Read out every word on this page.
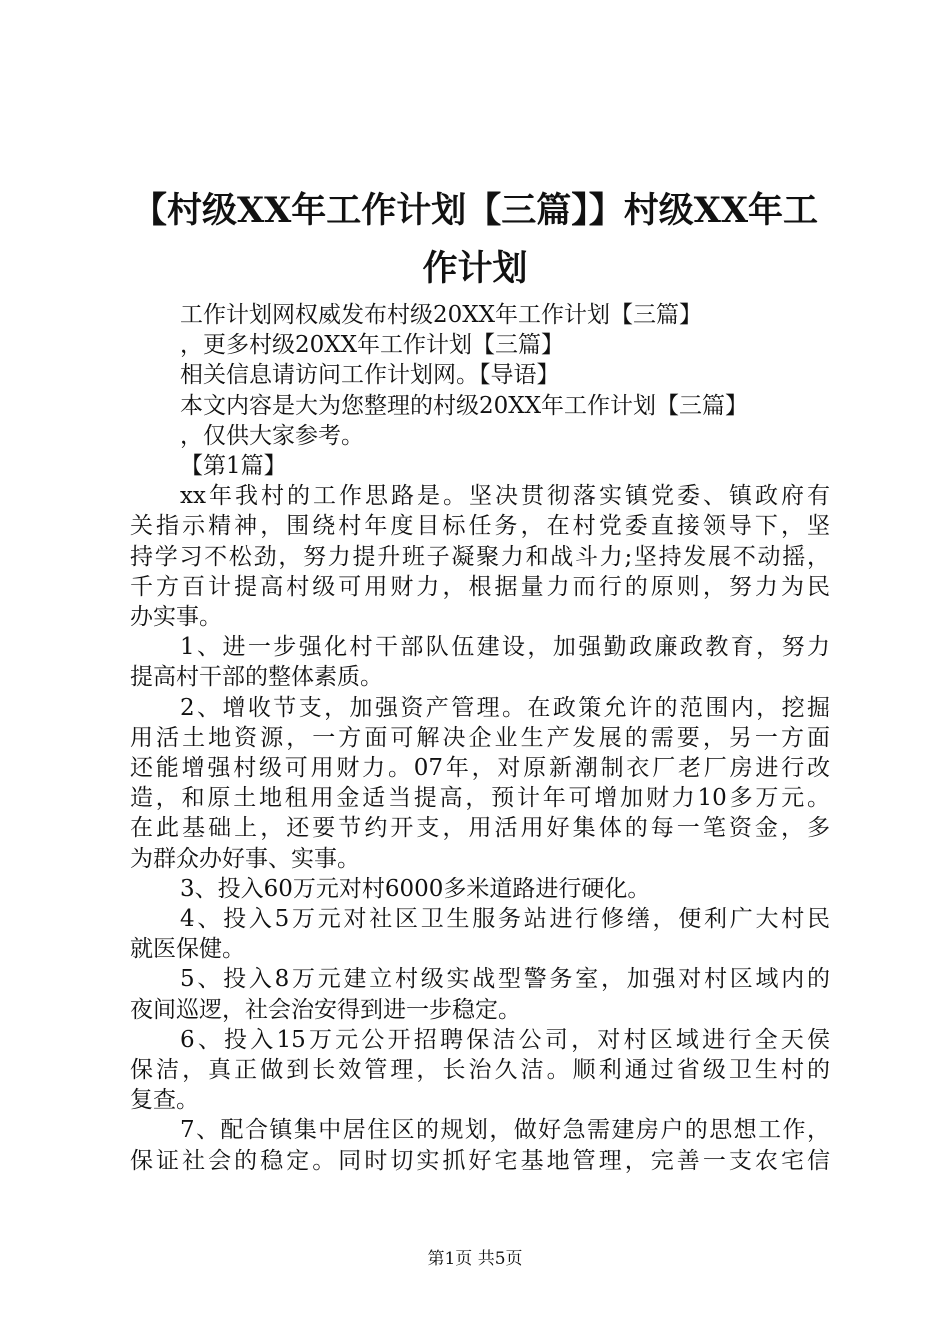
【村级XX年工作计划【三篇】】村级XX年工
作计划
工作计划网权威发布村级20XX年工作计划【三篇】
，更多村级20XX年工作计划【三篇】
相关信息请访问工作计划网。【导语】
本文内容是大为您整理的村级20XX年工作计划【三篇】
，仅供大家参考。
【第1篇】
xx年我村的工作思路是。坚决贯彻落实镇党委、镇政府有
关指示精神，围绕村年度目标任务，在村党委直接领导下，坚
持学习不松劲，努力提升班子凝聚力和战斗力;坚持发展不动摇，
千方百计提高村级可用财力，根据量力而行的原则，努力为民
办实事。
1、进一步强化村干部队伍建设，加强勤政廉政教育，努力
提高村干部的整体素质。
2、增收节支，加强资产管理。在政策允许的范围内，挖掘
用活土地资源，一方面可解决企业生产发展的需要，另一方面
还能增强村级可用财力。07年，对原新潮制衣厂老厂房进行改
造，和原土地租用金适当提高，预计年可增加财力10多万元。
在此基础上，还要节约开支，用活用好集体的每一笔资金，多
为群众办好事、实事。
3、投入60万元对村6000多米道路进行硬化。
4、投入5万元对社区卫生服务站进行修缮，便利广大村民
就医保健。
5、投入8万元建立村级实战型警务室，加强对村区域内的
夜间巡逻，社会治安得到进一步稳定。
6、投入15万元公开招聘保洁公司，对村区域进行全天侯
保洁，真正做到长效管理，长治久洁。顺利通过省级卫生村的
复查。
7、配合镇集中居住区的规划，做好急需建房户的思想工作，
保证社会的稳定。同时切实抓好宅基地管理，完善一支农宅信
第1页 共5页
